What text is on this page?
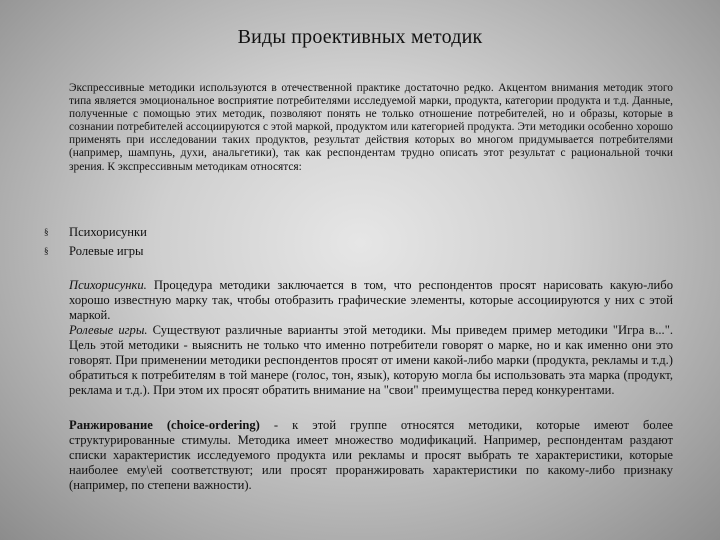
Виды проективных методик

Экспрессивные методики используются в отечественной практике достаточно редко. Акцентом внимания методик этого типа является эмоциональное восприятие потребителями исследуемой марки, продукта, категории продукта и т.д. Данные, полученные с помощью этих методик, позволяют понять не только отношение потребителей, но и образы, которые в сознании потребителей ассоциируются с этой маркой, продуктом или категорией продукта. Эти методики особенно хорошо применять при исследовании таких продуктов, результат действия которых во многом придумывается потребителями (например, шампунь, духи, анальгетики), так как респондентам трудно описать этот результат с рациональной точки зрения. К экспрессивным методикам относятся:

§	Психорисунки
§	Ролевые игры

Психорисунки. Процедура методики заключается в том, что респондентов просят нарисовать какую-либо хорошо известную марку так, чтобы отобразить графические элементы, которые ассоциируются у них с этой маркой.

Ролевые игры. Существуют различные варианты этой методики. Мы приведем пример методики "Игра в...". Цель этой методики - выяснить не только что именно потребители говорят о марке, но и как именно они это говорят. При применении методики респондентов просят от имени какой-либо марки (продукта, рекламы и т.д.) обратиться к потребителям в той манере (голос, тон, язык), которую могла бы использовать эта марка (продукт, реклама и т.д.). При этом их просят обратить внимание на "свои" преимущества перед конкурентами.

Ранжирование (choice-ordering) - к этой группе относятся методики, которые имеют более структурированные стимулы. Методика имеет множество модификаций. Например, респондентам раздают списки характеристик исследуемого продукта или рекламы и просят выбрать те характеристики, которые наиболее ему\ей соответствуют; или просят проранжировать характеристики по какому-либо признаку (например, по степени важности).
